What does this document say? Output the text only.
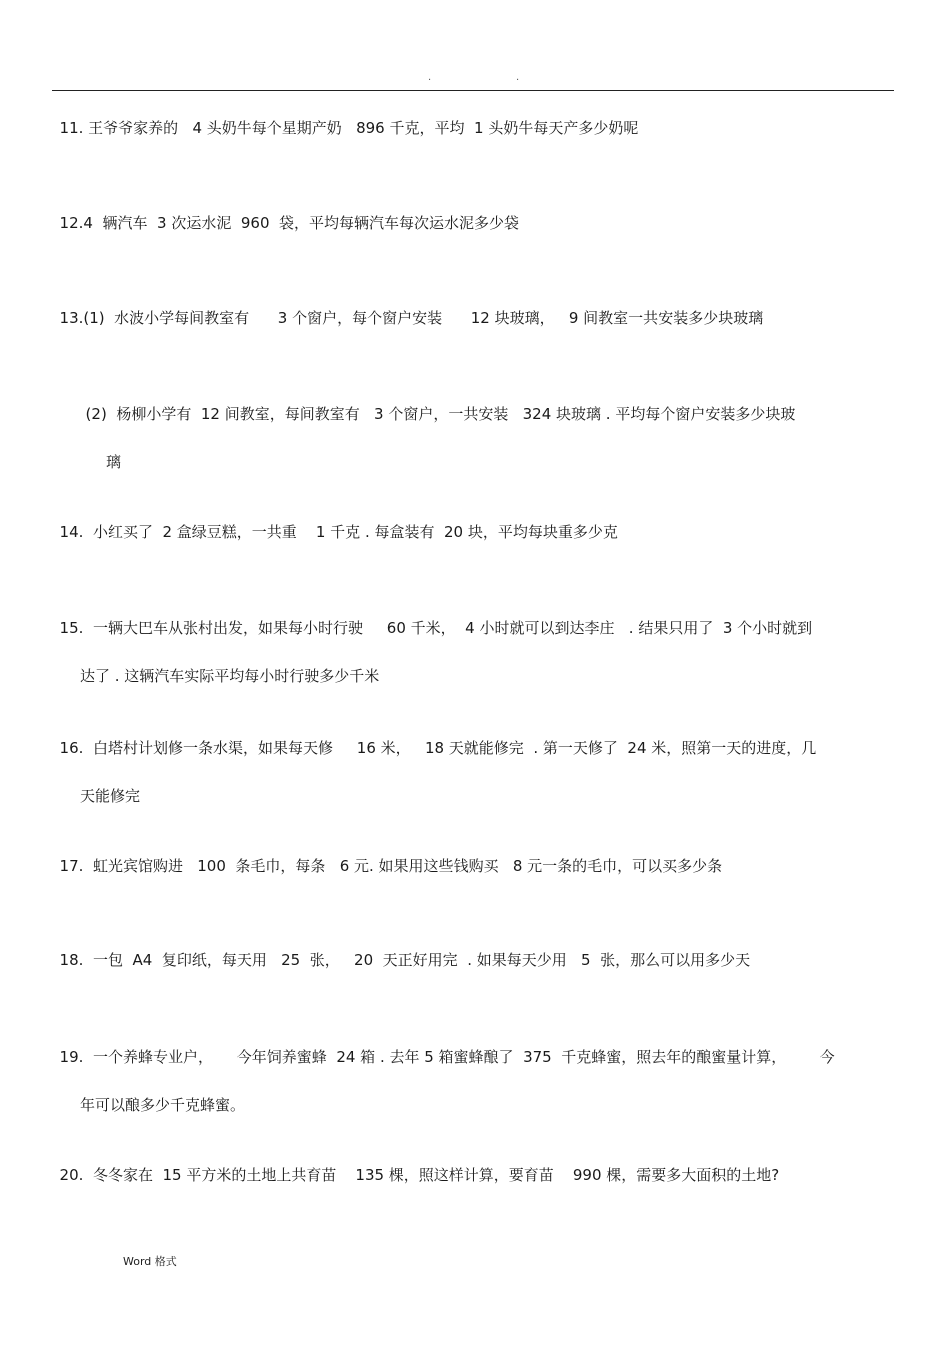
.	.

11. 王爷爷家养的   4 头奶牛每个星期产奶   896 千克，平均  1 头奶牛每天产多少奶呢

12.4  辆汽车  3 次运水泥  960  袋，平均每辆汽车每次运水泥多少袋

13.(1)  水波小学每间教室有      3 个窗户，每个窗户安装      12 块玻璃，   9 间教室一共安装多少块玻璃

(2)  杨柳小学有  12 间教室，每间教室有   3 个窗户，一共安装   324 块玻璃 . 平均每个窗户安装多少块玻

璃

14.  小红买了  2 盒绿豆糕，一共重    1 千克 . 每盒装有  20 块，平均每块重多少克

15.  一辆大巴车从张村出发，如果每小时行驶     60 千米，  4 小时就可以到达李庄   . 结果只用了  3 个小时就到

达了 . 这辆汽车实际平均每小时行驶多少千米

16.  白塔村计划修一条水渠，如果每天修     16 米，   18 天就能修完  . 第一天修了  24 米，照第一天的进度，几

天能修完

17.  虹光宾馆购进   100  条毛巾，每条   6 元. 如果用这些钱购买   8 元一条的毛巾，可以买多少条

18.  一包  A4  复印纸，每天用   25  张，   20  天正好用完  . 如果每天少用   5  张，那么可以用多少天

19.  一个养蜂专业户，     今年饲养蜜蜂  24 箱 . 去年 5 箱蜜蜂酿了  375  千克蜂蜜，照去年的酿蜜量计算，       今

年可以酿多少千克蜂蜜。

20.  冬冬家在  15 平方米的土地上共育苗    135 棵，照这样计算，要育苗    990 棵，需要多大面积的土地?

Word 格式
